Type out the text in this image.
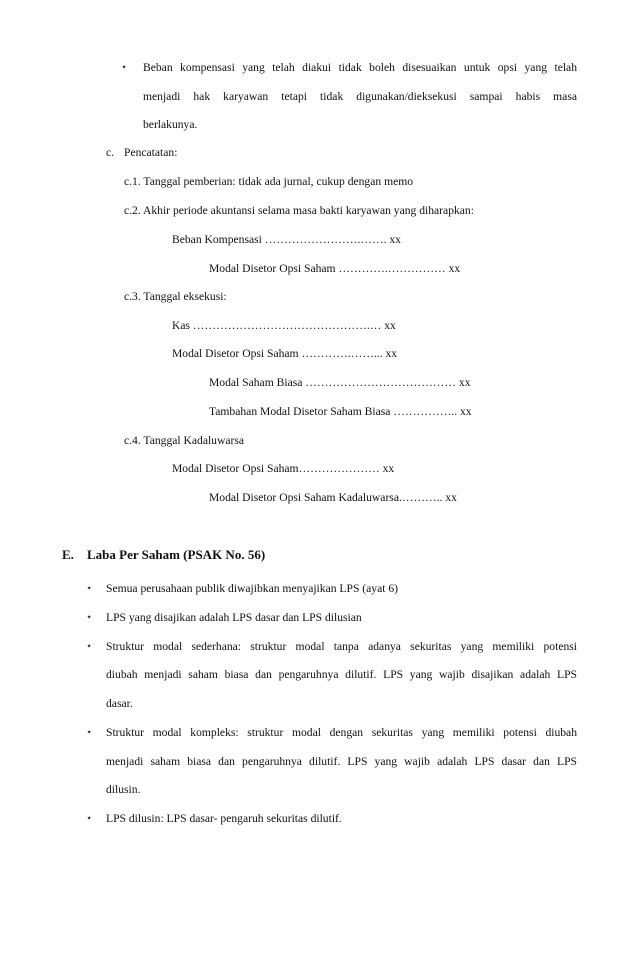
⋆ Beban kompensasi yang telah diakui tidak boleh disesuaikan untuk opsi yang telah
menjadi hak karyawan tetapi tidak digunakan/dieksekusi sampai habis masa
berlakunya.
c. Pencatatan:
c.1. Tanggal pemberian: tidak ada jurnal, cukup dengan memo
c.2. Akhir periode akuntansi selama masa bakti karyawan yang diharapkan:
Beban Kompensasi …………………….……. xx
Modal Disetor Opsi Saham ………….…………… xx
c.3. Tanggal eksekusi:
Kas ……………………………………….… xx
Modal Disetor Opsi Saham ………….……... xx
Modal Saham Biasa ………………………………… xx
Tambahan Modal Disetor Saham Biasa …………….. xx
c.4. Tanggal Kadaluwarsa
Modal Disetor Opsi Saham………………… xx
Modal Disetor Opsi Saham Kadaluwarsa.……….. xx
E. Laba Per Saham (PSAK No. 56)
⋆ Semua perusahaan publik diwajibkan menyajikan LPS (ayat 6)
⋆ LPS yang disajikan adalah LPS dasar dan LPS dilusian
⋆ Struktur modal sederhana: struktur modal tanpa adanya sekuritas yang memiliki potensi
diubah menjadi saham biasa dan pengaruhnya dilutif. LPS yang wajib disajikan adalah LPS
dasar.
⋆ Struktur modal kompleks: struktur modal dengan sekuritas yang memiliki potensi diubah
menjadi saham biasa dan pengaruhnya dilutif. LPS yang wajib adalah LPS dasar dan LPS
dilusin.
⋆ LPS dilusin: LPS dasar- pengaruh sekuritas dilutif.
